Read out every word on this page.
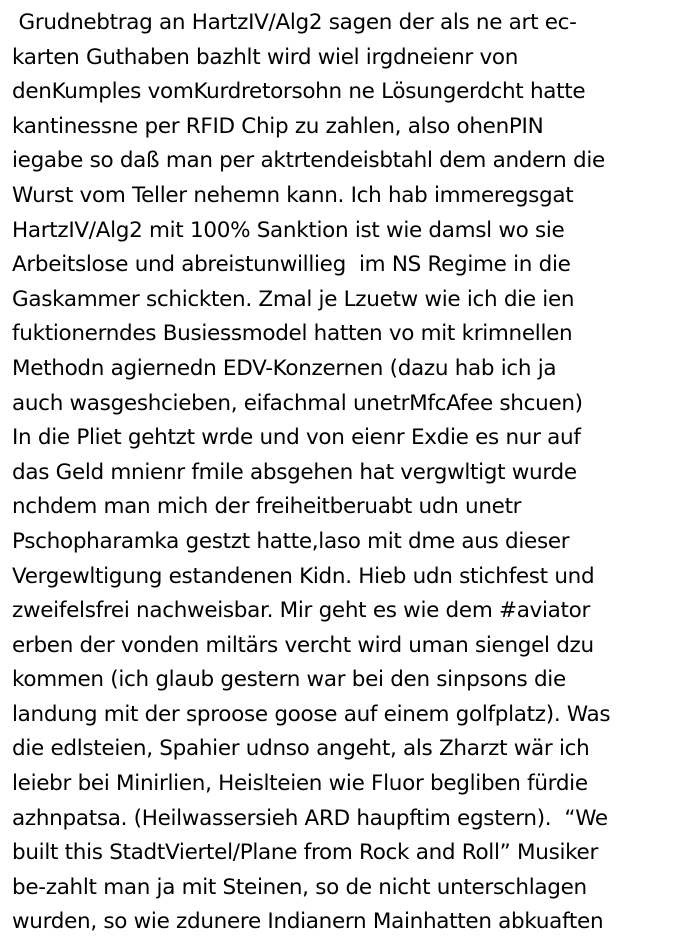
Grudnebtrag an HartzIV/Alg2 sagen der als ne art ec-
karten Guthaben bazhlt wird wiel irgdneienr von
denKumples vomKurdretorsohn ne Lösungerdcht hatte
kantinessne per RFID Chip zu zahlen, also ohenPIN
iegabe so daß man per aktrtendeisbtahl dem andern die
Wurst vom Teller nehemn kann. Ich hab immeregsgat
HartzIV/Alg2 mit 100% Sanktion ist wie damsl wo sie
Arbeitslose und abreistunwillieg  im NS Regime in die
Gaskammer schickten. Zmal je Lzuetw wie ich die ien
fuktionerndes Busiessmodel hatten vo mit krimnellen
Methodn agiernedn EDV-Konzernen (dazu hab ich ja
auch wasgeshcieben, eifachmal unetrMfcAfee shcuen)
In die Pliet gehtzt wrde und von eienr Exdie es nur auf
das Geld mnienr fmile absgehen hat vergwltigt wurde
nchdem man mich der freiheitberuabt udn unetr
Pschopharamka gestzt hatte,laso mit dme aus dieser
Vergewltigung estandenen Kidn. Hieb udn stichfest und
zweifelsfrei nachweisbar. Mir geht es wie dem #aviator
erben der vonden miltärs vercht wird uman siengel dzu
kommen (ich glaub gestern war bei den sinpsons die
landung mit der sproose goose auf einem golfplatz). Was
die edlsteien, Spahier udnso angeht, als Zharzt wär ich
leiebr bei Minirlien, Heislteien wie Fluor begliben fürdie
azhnpatsa. (Heilwassersieh ARD haupftim egstern).  “We
built this StadtViertel/Plane from Rock and Roll” Musiker
be-zahlt man ja mit Steinen, so de nicht unterschlagen
wurden, so wie zdunere Indianern Mainhatten abkuaften
